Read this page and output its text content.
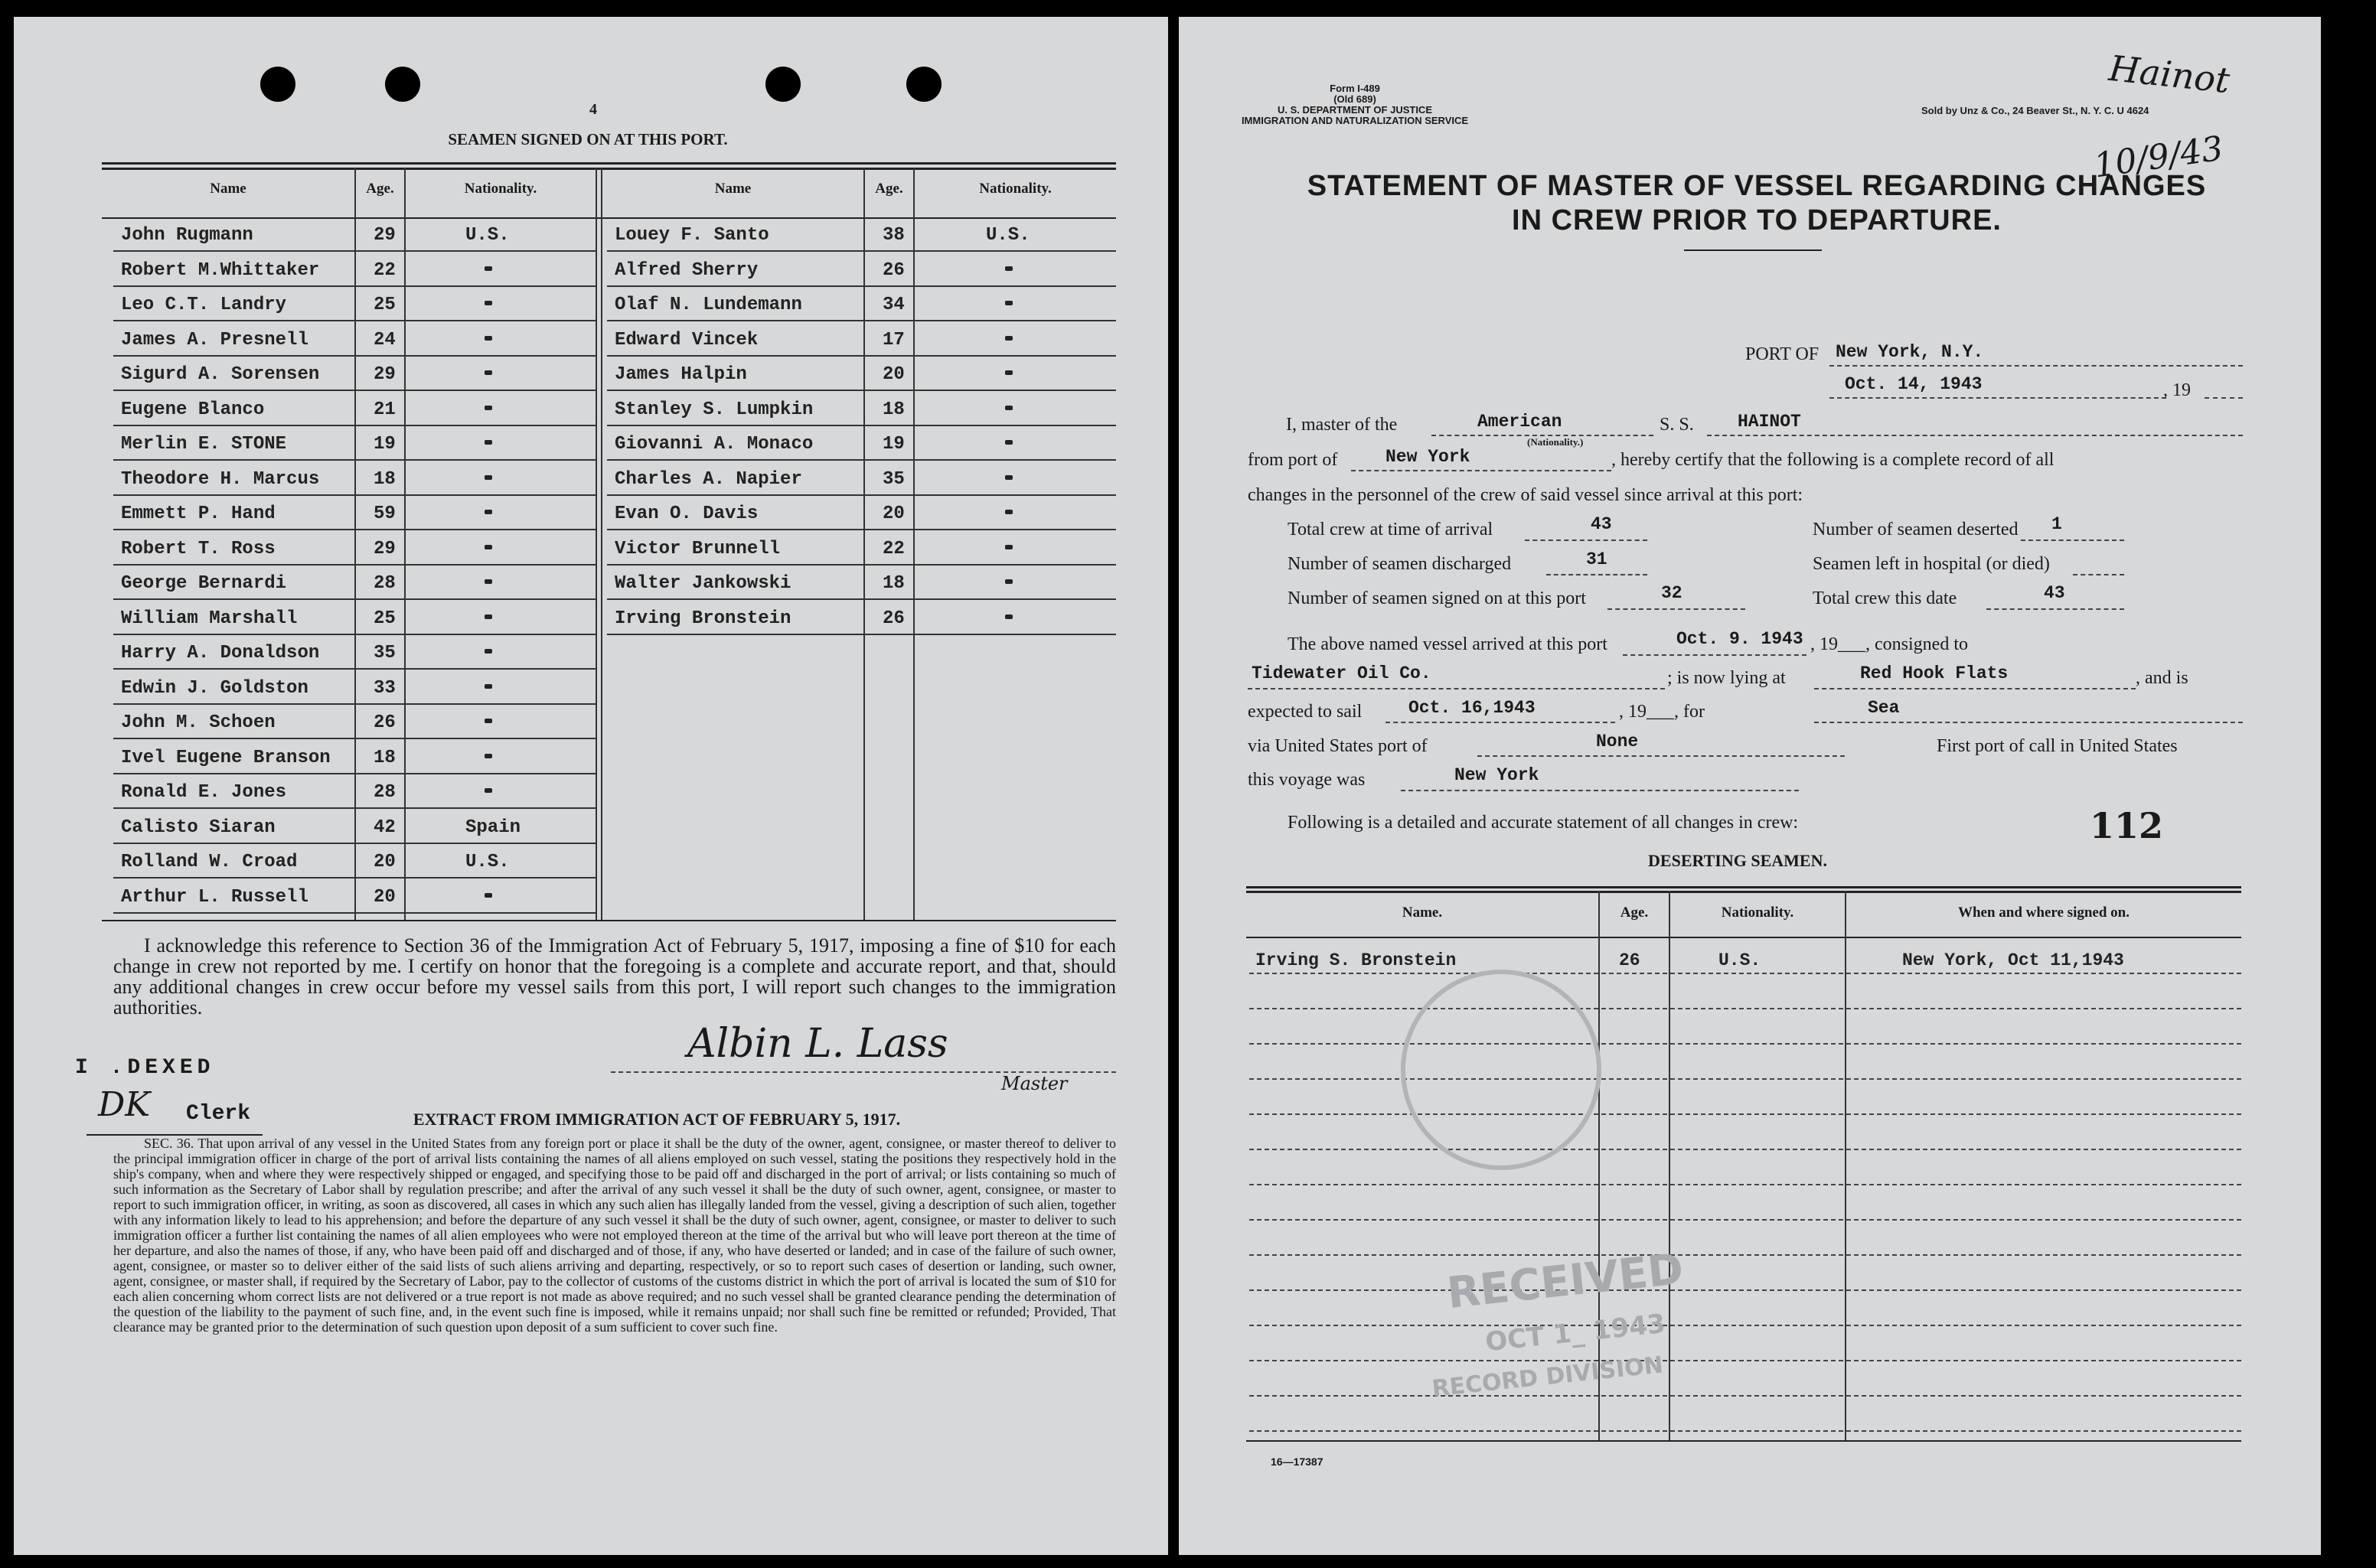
4
SEAMEN SIGNED ON AT THIS PORT.
Name	Age.	Nationality.	Name	Age.	Nationality.
John Rugmann	29	U.S.
Robert M.Whittaker	22
Leo C.T. Landry	25
James A. Presnell	24
Sigurd A. Sorensen	29
Eugene Blanco	21
Merlin E. STONE	19
Theodore H. Marcus	18
Emmett P. Hand	59
Robert T. Ross	29
George Bernardi	28
William Marshall	25
Harry A. Donaldson	35
Edwin J. Goldston	33
John M. Schoen	26
Ivel Eugene Branson 18
Ronald E. Jones	28
Calisto Siaran	42	Spain
Rolland W. Croad	20	U.S.
Arthur L. Russell	20
Louey F. Santo	38	U.S.
Alfred Sherry	26
Olaf N. Lundemann	34
Edward Vincek	17
James Halpin	20
Stanley S. Lumpkin	18
Giovanni A. Monaco	19
Charles A. Napier	35
Evan O. Davis	20
Victor Brunnell	22
Walter Jankowski	18
Irving Bronstein	26
I acknowledge this reference to Section 36 of the Immigration Act of February 5, 1917, imposing a fine of $10 for each change in crew not reported by me. I certify on honor that the foregoing is a complete and accurate report, and that, should any additional changes in crew occur before my vessel sails from this port, I will report such changes to the immigration authorities.
Albin L. Lass
Master
I .DEXED
DK Clerk	EXTRACT FROM IMMIGRATION ACT OF FEBRUARY 5, 1917.
SEC. 36. That upon arrival of any vessel in the United States from any foreign port or place it shall be the duty of the owner, agent, consignee, or master thereof to deliver to the principal immigration officer in charge of the port of arrival lists containing the names of all aliens employed on such vessel, stating the positions they respectively hold in the ship's company, when and where they were respectively shipped or engaged, and specifying those to be paid off and discharged in the port of arrival; or lists containing so much of such information as the Secretary of Labor shall by regulation prescribe; and after the arrival of any such vessel it shall be the duty of such owner, agent, consignee, or master to report to such immigration officer, in writing, as soon as discovered, all cases in which any such alien has illegally landed from the vessel, giving a description of such alien, together with any information likely to lead to his apprehension; and before the departure of any such vessel it shall be the duty of such owner, agent, consignee, or master to deliver to such immigration officer a further list containing the names of all alien employees who were not employed thereon at the time of the arrival but who will leave port thereon at the time of her departure, and also the names of those, if any, who have been paid off and discharged and of those, if any, who have deserted or landed; and in case of the failure of such owner, agent, consignee, or master so to deliver either of the said lists of such aliens arriving and departing, respectively, or so to report such cases of desertion or landing, such owner, agent, consignee, or master shall, if required by the Secretary of Labor, pay to the collector of customs of the customs district in which the port of arrival is located the sum of $10 for each alien concerning whom correct lists are not delivered or a true report is not made as above required; and no such vessel shall be granted clearance pending the determination of the question of the liability to the payment of such fine, and, in the event such fine is imposed, while it remains unpaid; nor shall such fine be remitted or refunded; Provided, That clearance may be granted prior to the determination of such question upon deposit of a sum sufficient to cover such fine.
Form I-489
(Old 689)
U. S. DEPARTMENT OF JUSTICE
IMMIGRATION AND NATURALIZATION SERVICE
Sold by Unz & Co., 24 Beaver St., N. Y. C. U 4624
Hainot
10/9/43
STATEMENT OF MASTER OF VESSEL REGARDING CHANGES
IN CREW PRIOR TO DEPARTURE.
PORT OF New York, N.Y.
Oct. 14, 1943	, 19
I, master of the	American
(Nationality.)
S. S. HAINOT
from port of	New York	, hereby certify that the following is a complete record of all
changes in the personnel of the crew of said vessel since arrival at this port:
Total crew at time of arrival	43	Number of seamen deserted 1
Number of seamen discharged	31	Seamen left in hospital (or died)
Number of seamen signed on at this port	32	Total crew this date	43
The above named vessel arrived at this port	Oct. 9. 1943 , 19___, consigned to
Tidewater Oil Co.	; is now lying at	Red Hook Flats	, and is
expected to sail	Oct. 16,1943	, 19___, for	Sea
via United States port of	None	First port of call in United States
this voyage was	New York
Following is a detailed and accurate statement of all changes in crew:	112
DESERTING SEAMEN.
Name.	Age.	Nationality.	When and where signed on.
Irving S. Bronstein	26	U.S.	New York, Oct 11,1943
RECEIVED
OCT 1_ 1943
RECORD DIVISION
16—17387
